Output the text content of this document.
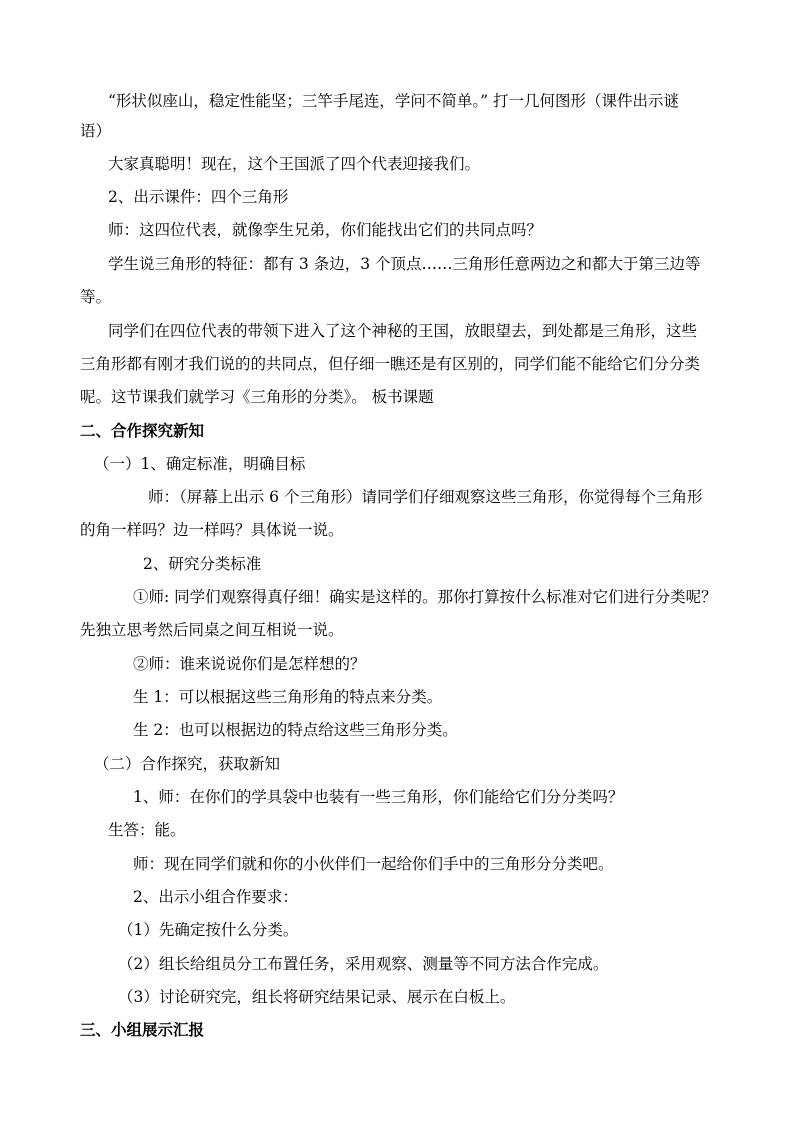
“形状似座山，稳定性能坚；三竿手尾连，学问不简单。” 打一几何图形（课件出示谜
语）
大家真聪明！现在，这个王国派了四个代表迎接我们。
2、出示课件：四个三角形
师：这四位代表，就像孪生兄弟，你们能找出它们的共同点吗？
学生说三角形的特征：都有 3 条边，3 个顶点……三角形任意两边之和都大于第三边等
等。
同学们在四位代表的带领下进入了这个神秘的王国，放眼望去，到处都是三角形，这些
三角形都有刚才我们说的的共同点，但仔细一瞧还是有区别的，同学们能不能给它们分分类
呢。这节课我们就学习《三角形的分类》。 板书课题
二、合作探究新知
（一）1、确定标准，明确目标
师：（屏幕上出示 6 个三角形）请同学们仔细观察这些三角形，你觉得每个三角形
的角一样吗？边一样吗？具体说一说。
2、研究分类标准
①师: 同学们观察得真仔细！确实是这样的。那你打算按什么标准对它们进行分类呢？
先独立思考然后同桌之间互相说一说。
②师：谁来说说你们是怎样想的？
生 1：可以根据这些三角形角的特点来分类。
生 2：也可以根据边的特点给这些三角形分类。
（二）合作探究，获取新知
1、师：在你们的学具袋中也装有一些三角形，你们能给它们分分类吗？
生答：能。
师：现在同学们就和你的小伙伴们一起给你们手中的三角形分分类吧。
2、出示小组合作要求：
（1）先确定按什么分类。
（2）组长给组员分工布置任务，采用观察、测量等不同方法合作完成。
（3）讨论研究完，组长将研究结果记录、展示在白板上。
三、小组展示汇报
